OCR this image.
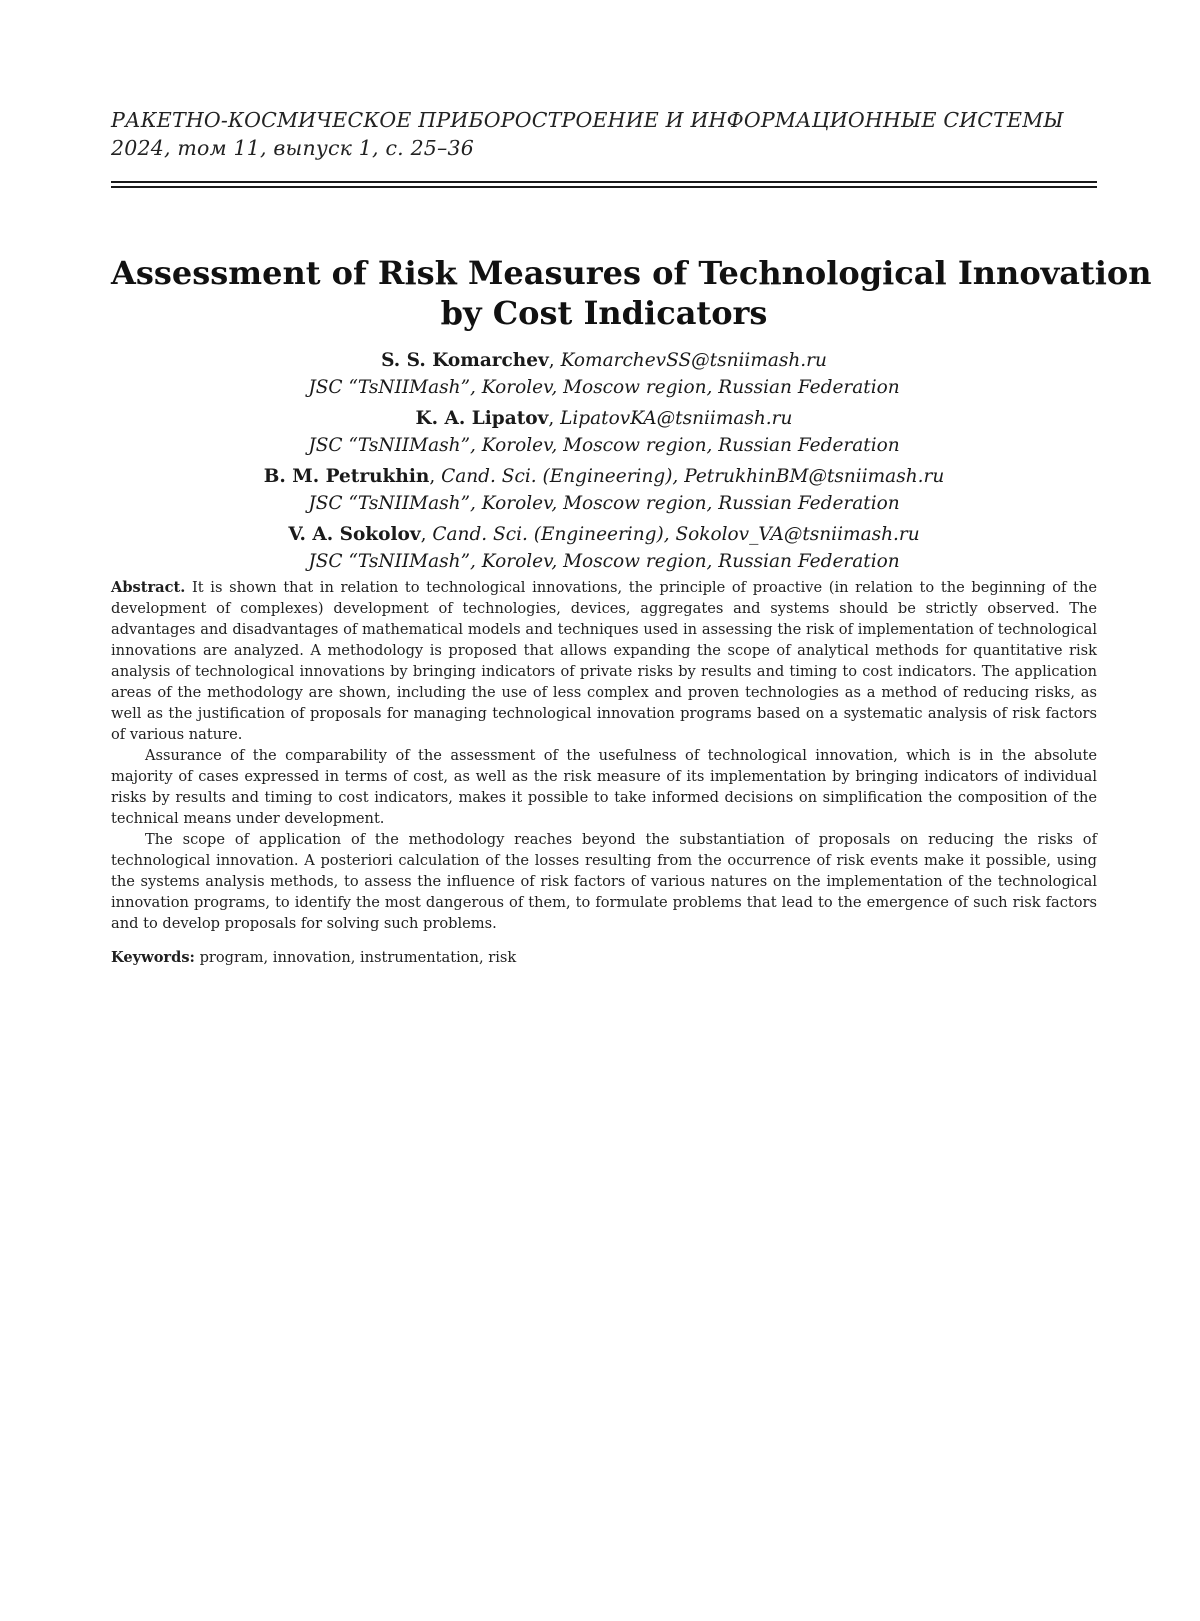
РАКЕТНО-КОСМИЧЕСКОЕ ПРИБОРОСТРОЕНИЕ И ИНФОРМАЦИОННЫЕ СИСТЕМЫ
2024, том 11, выпуск 1, с. 25–36
Assessment of Risk Measures of Technological Innovation
by Cost Indicators
S. S. Komarchev, KomarchevSS@tsniimash.ru
JSC “TsNIIMash”, Korolev, Moscow region, Russian Federation
K. A. Lipatov, LipatovKA@tsniimash.ru
JSC “TsNIIMash”, Korolev, Moscow region, Russian Federation
B. M. Petrukhin, Cand. Sci. (Engineering), PetrukhinBM@tsniimash.ru
JSC “TsNIIMash”, Korolev, Moscow region, Russian Federation
V. A. Sokolov, Cand. Sci. (Engineering), Sokolov_VA@tsniimash.ru
JSC “TsNIIMash”, Korolev, Moscow region, Russian Federation

Abstract. It is shown that in relation to technological innovations, the principle of proactive (in relation to the beginning of the development of complexes) development of technologies, devices, aggregates and systems should be strictly observed. The advantages and disadvantages of mathematical models and techniques used in assessing the risk of implementation of technological innovations are analyzed. A methodology is proposed that allows expanding the scope of analytical methods for quantitative risk analysis of technological innovations by bringing indicators of private risks by results and timing to cost indicators. The application areas of the methodology are shown, including the use of less complex and proven technologies as a method of reducing risks, as well as the justification of proposals for managing technological innovation programs based on a systematic analysis of risk factors of various nature.

Assurance of the comparability of the assessment of the usefulness of technological innovation, which is in the absolute majority of cases expressed in terms of cost, as well as the risk measure of its implementation by bringing indicators of individual risks by results and timing to cost indicators, makes it possible to take informed decisions on simplification the composition of the technical means under development.

The scope of application of the methodology reaches beyond the substantiation of proposals on reducing the risks of technological innovation. A posteriori calculation of the losses resulting from the occurrence of risk events make it possible, using the systems analysis methods, to assess the influence of risk factors of various natures on the implementation of the technological innovation programs, to identify the most dangerous of them, to formulate problems that lead to the emergence of such risk factors and to develop proposals for solving such problems.

Keywords: program, innovation, instrumentation, risk
